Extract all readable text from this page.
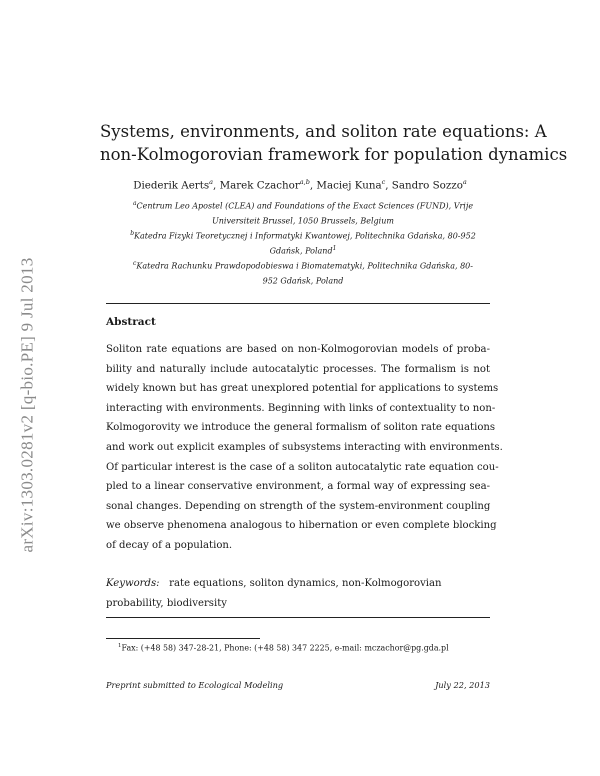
arXiv:1303.0281v2 [q-bio.PE] 9 Jul 2013
Systems, environments, and soliton rate equations: A
non-Kolmogorovian framework for population dynamics
Diederik Aerts$^a$, Marek Czachor$^{a,b}$, Maciej Kuna$^c$, Sandro Sozzo$^a$

$^a$Centrum Leo Apostel (CLEA) and Foundations of the Exact Sciences (FUND), Vrije Universiteit Brussel, 1050 Brussels, Belgium

$^b$Katedra Fizyki Teoretycznej i Informatyki Kwantowej, Politechnika Gdańska, 80-952 Gdańsk, Poland$^1$

$^c$Katedra Rachunku Prawdopodobieswa i Biomatematyki, Politechnika Gdańska, 80-952 Gdańsk, Poland

Abstract
Soliton rate equations are based on non-Kolmogorovian models of proba-
bility and naturally include autocatalytic processes. The formalism is not
widely known but has great unexplored potential for applications to systems
interacting with environments. Beginning with links of contextuality to non-
Kolmogorovity we introduce the general formalism of soliton rate equations
and work out explicit examples of subsystems interacting with environments.
Of particular interest is the case of a soliton autocatalytic rate equation cou-
pled to a linear conservative environment, a formal way of expressing sea-
sonal changes. Depending on strength of the system-environment coupling
we observe phenomena analogous to hibernation or even complete blocking
of decay of a population.
Keywords: rate equations, soliton dynamics, non-Kolmogorovian
probability, biodiversity
$^1$Fax: (+48 58) 347-28-21, Phone: (+48 58) 347 2225, e-mail: mczachor@pg.gda.pl
Preprint submitted to Ecological Modeling	July 22, 2013
